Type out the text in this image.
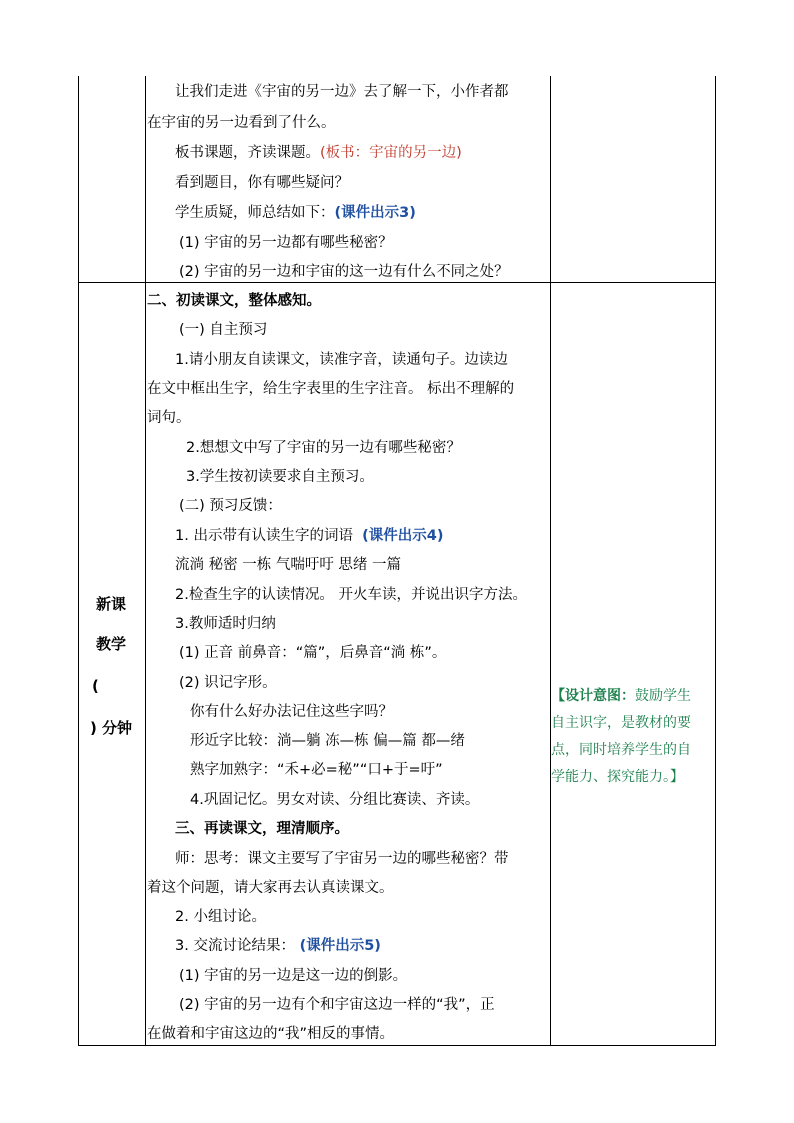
让我们走进《宇宙的另一边》去了解一下，小作者都
在宇宙的另一边看到了什么。
板书课题，齐读课题。(板书：宇宙的另一边)
看到题目，你有哪些疑问？
学生质疑，师总结如下：(课件出示3)
(1) 宇宙的另一边都有哪些秘密？
(2) 宇宙的另一边和宇宙的这一边有什么不同之处？
新课
教学
(
) 分钟
二、初读课文，整体感知。
(一) 自主预习
1.请小朋友自读课文，读准字音，读通句子。边读边
在文中框出生字，给生字表里的生字注音。 标出不理解的
词句。
2.想想文中写了宇宙的另一边有哪些秘密？
3.学生按初读要求自主预习。
(二) 预习反馈：
1. 出示带有认读生字的词语 (课件出示4)
流淌 秘密 一栋 气喘吁吁 思绪 一篇
2.检查生字的认读情况。 开火车读，并说出识字方法。
3.教师适时归纳
(1) 正音 前鼻音：“篇”，后鼻音“淌 栋”。
(2) 识记字形。
你有什么好办法记住这些字吗？
形近字比较：淌—躺 冻—栋 偏—篇 都—绪
熟字加熟字：“禾+必=秘”“口+于=吁”
4.巩固记忆。男女对读、分组比赛读、齐读。
三、再读课文，理清顺序。
师：思考：课文主要写了宇宙另一边的哪些秘密？带
着这个问题，请大家再去认真读课文。
2. 小组讨论。
3. 交流讨论结果： (课件出示5)
(1) 宇宙的另一边是这一边的倒影。
(2) 宇宙的另一边有个和宇宙这边一样的“我”，正
在做着和宇宙这边的“我”相反的事情。
【设计意图：鼓励学生
自主识字，是教材的要
点，同时培养学生的自
学能力、探究能力。】
